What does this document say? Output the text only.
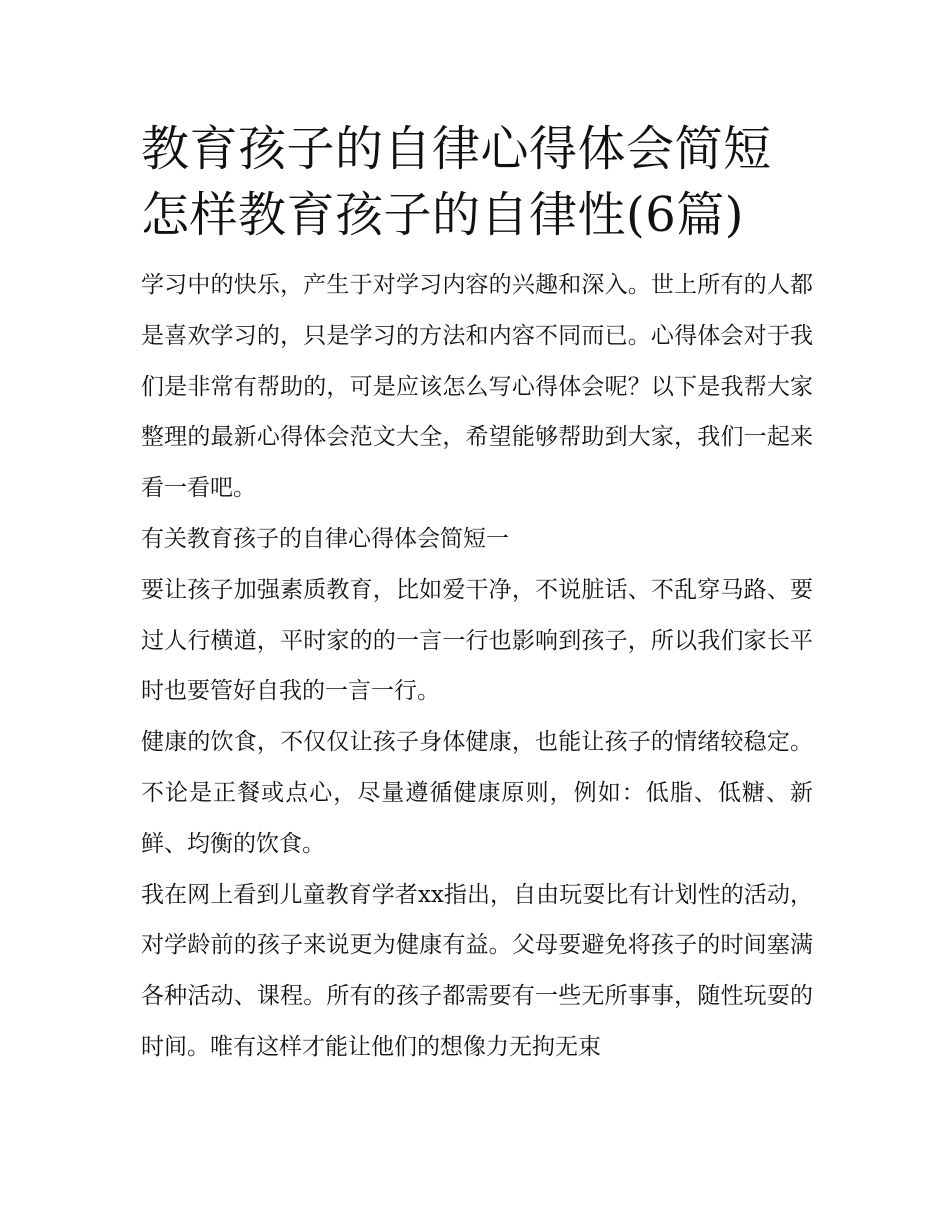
教育孩子的自律心得体会简短
怎样教育孩子的自律性(6篇)

学习中的快乐，产生于对学习内容的兴趣和深入。世上所有的人都是喜欢学习的，只是学习的方法和内容不同而已。心得体会对于我们是非常有帮助的，可是应该怎么写心得体会呢？以下是我帮大家整理的最新心得体会范文大全，希望能够帮助到大家，我们一起来看一看吧。

有关教育孩子的自律心得体会简短一

要让孩子加强素质教育，比如爱干净，不说脏话、不乱穿马路、要过人行横道，平时家的的一言一行也影响到孩子，所以我们家长平时也要管好自我的一言一行。

健康的饮食，不仅仅让孩子身体健康，也能让孩子的情绪较稳定。不论是正餐或点心，尽量遵循健康原则，例如：低脂、低糖、新鲜、均衡的饮食。

我在网上看到儿童教育学者xx指出，自由玩耍比有计划性的活动，对学龄前的孩子来说更为健康有益。父母要避免将孩子的时间塞满各种活动、课程。所有的孩子都需要有一些无所事事，随性玩耍的时间。唯有这样才能让他们的想像力无拘无束
